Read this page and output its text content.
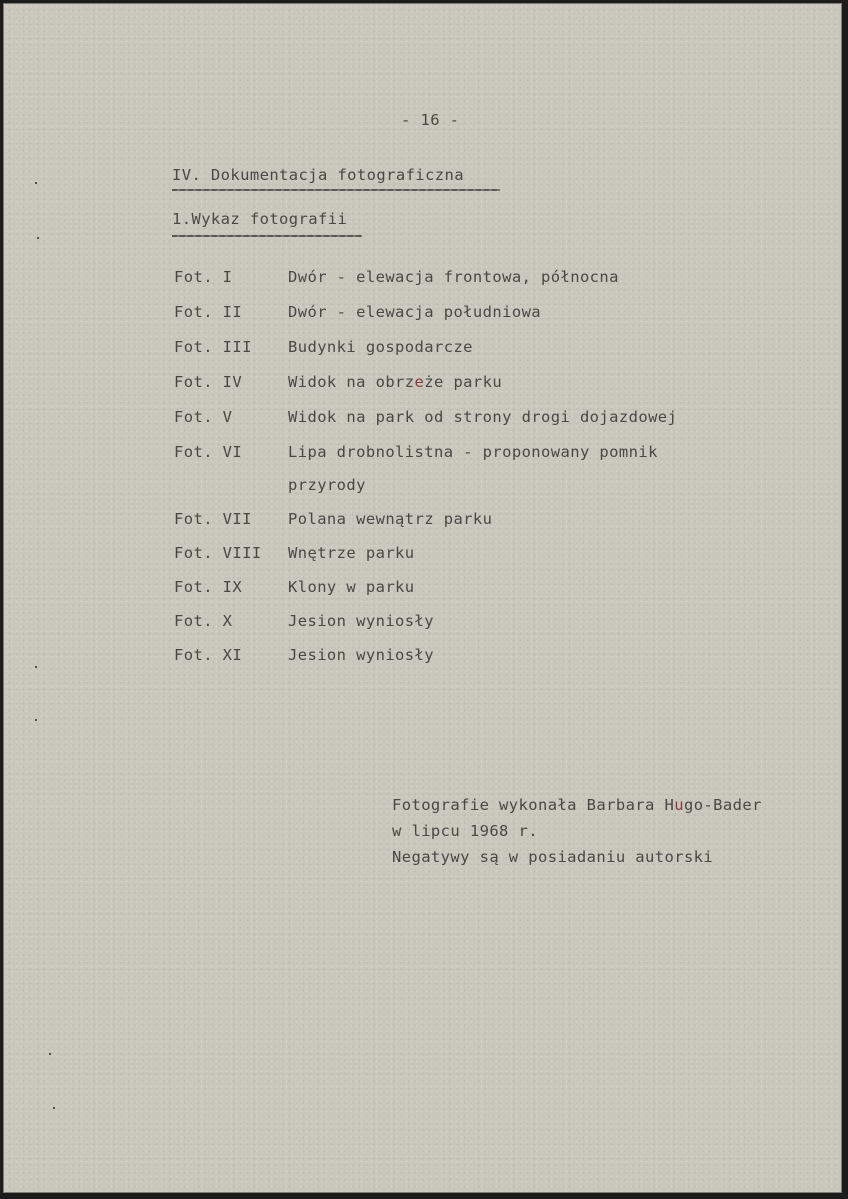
- 16 -
IV. Dokumentacja fotograficzna
1.Wykaz fotografii
Fot. I	Dwór - elewacja frontowa, północna
Fot. II	Dwór - elewacja południowa
Fot. III Budynki gospodarcze
Fot. IV	Widok na obrzeże parku
Fot. V	Widok na park od strony drogi dojazdowej
Fot. VI	Lipa drobnolistna - proponowany pomnik
przyrody
Fot. VII Polana wewnątrz parku
Fot. VIII Wnętrze parku
Fot. IX	Klony w parku
Fot. X	Jesion wyniosły
Fot. XI	Jesion wyniosły
Fotografie wykonała Barbara Hugo-Bader
w lipcu 1968 r.
Negatywy są w posiadaniu autorski
